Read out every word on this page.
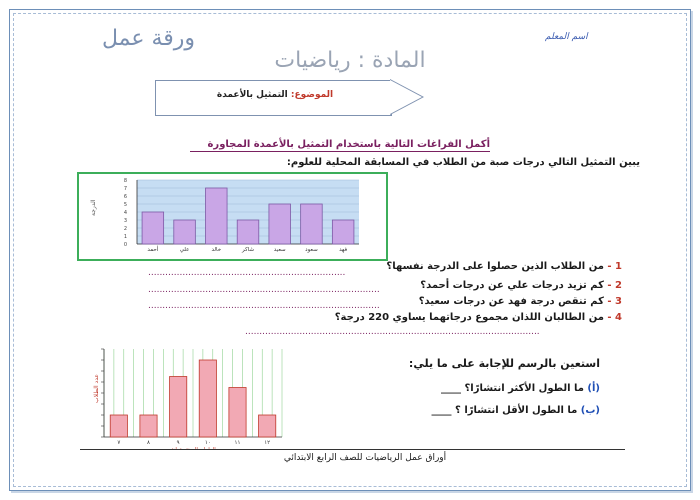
ورقة عمل	اسم المعلم
المادة : رياضيات
الموضوع: التمثيل بالأعمدة
أكمل الفراغات التالية باستخدام التمثيل بالأعمدة المجاورة
يبين التمثيل التالي درجات صبة من الطلاب في المسابقة المحلية للعلوم:
الدرجة
0
1
2
3
4
5
6
7
8
فهد
سعود
سعيد
شاكر
خالد
علي
أحمد
1 - من الطلاب الذين حصلوا على الدرجة نفسها؟
.....................................................................
2 - كم تزيد درجات علي عن درجات أحمد؟
.................................................................................
3 - كم تنقص درجة فهد عن درجات سعيد؟
.................................................................................
4 - من الطالبان اللذان مجموع درجاتهما يساوي 220 درجة؟
.......................................................................................................
استعين بالرسم للإجابة على ما يلي:
(أ) ما الطول الأكثر انتشارًا؟ ____
(ب) ما الطول الأقل انتشارًا ؟ ____
عدد الطلاب
١٢
١١
١٠
٩
٨
٧
الطول بالسنتيمترات
أوراق عمل الرياضيات للصف الرابع الابتدائي
